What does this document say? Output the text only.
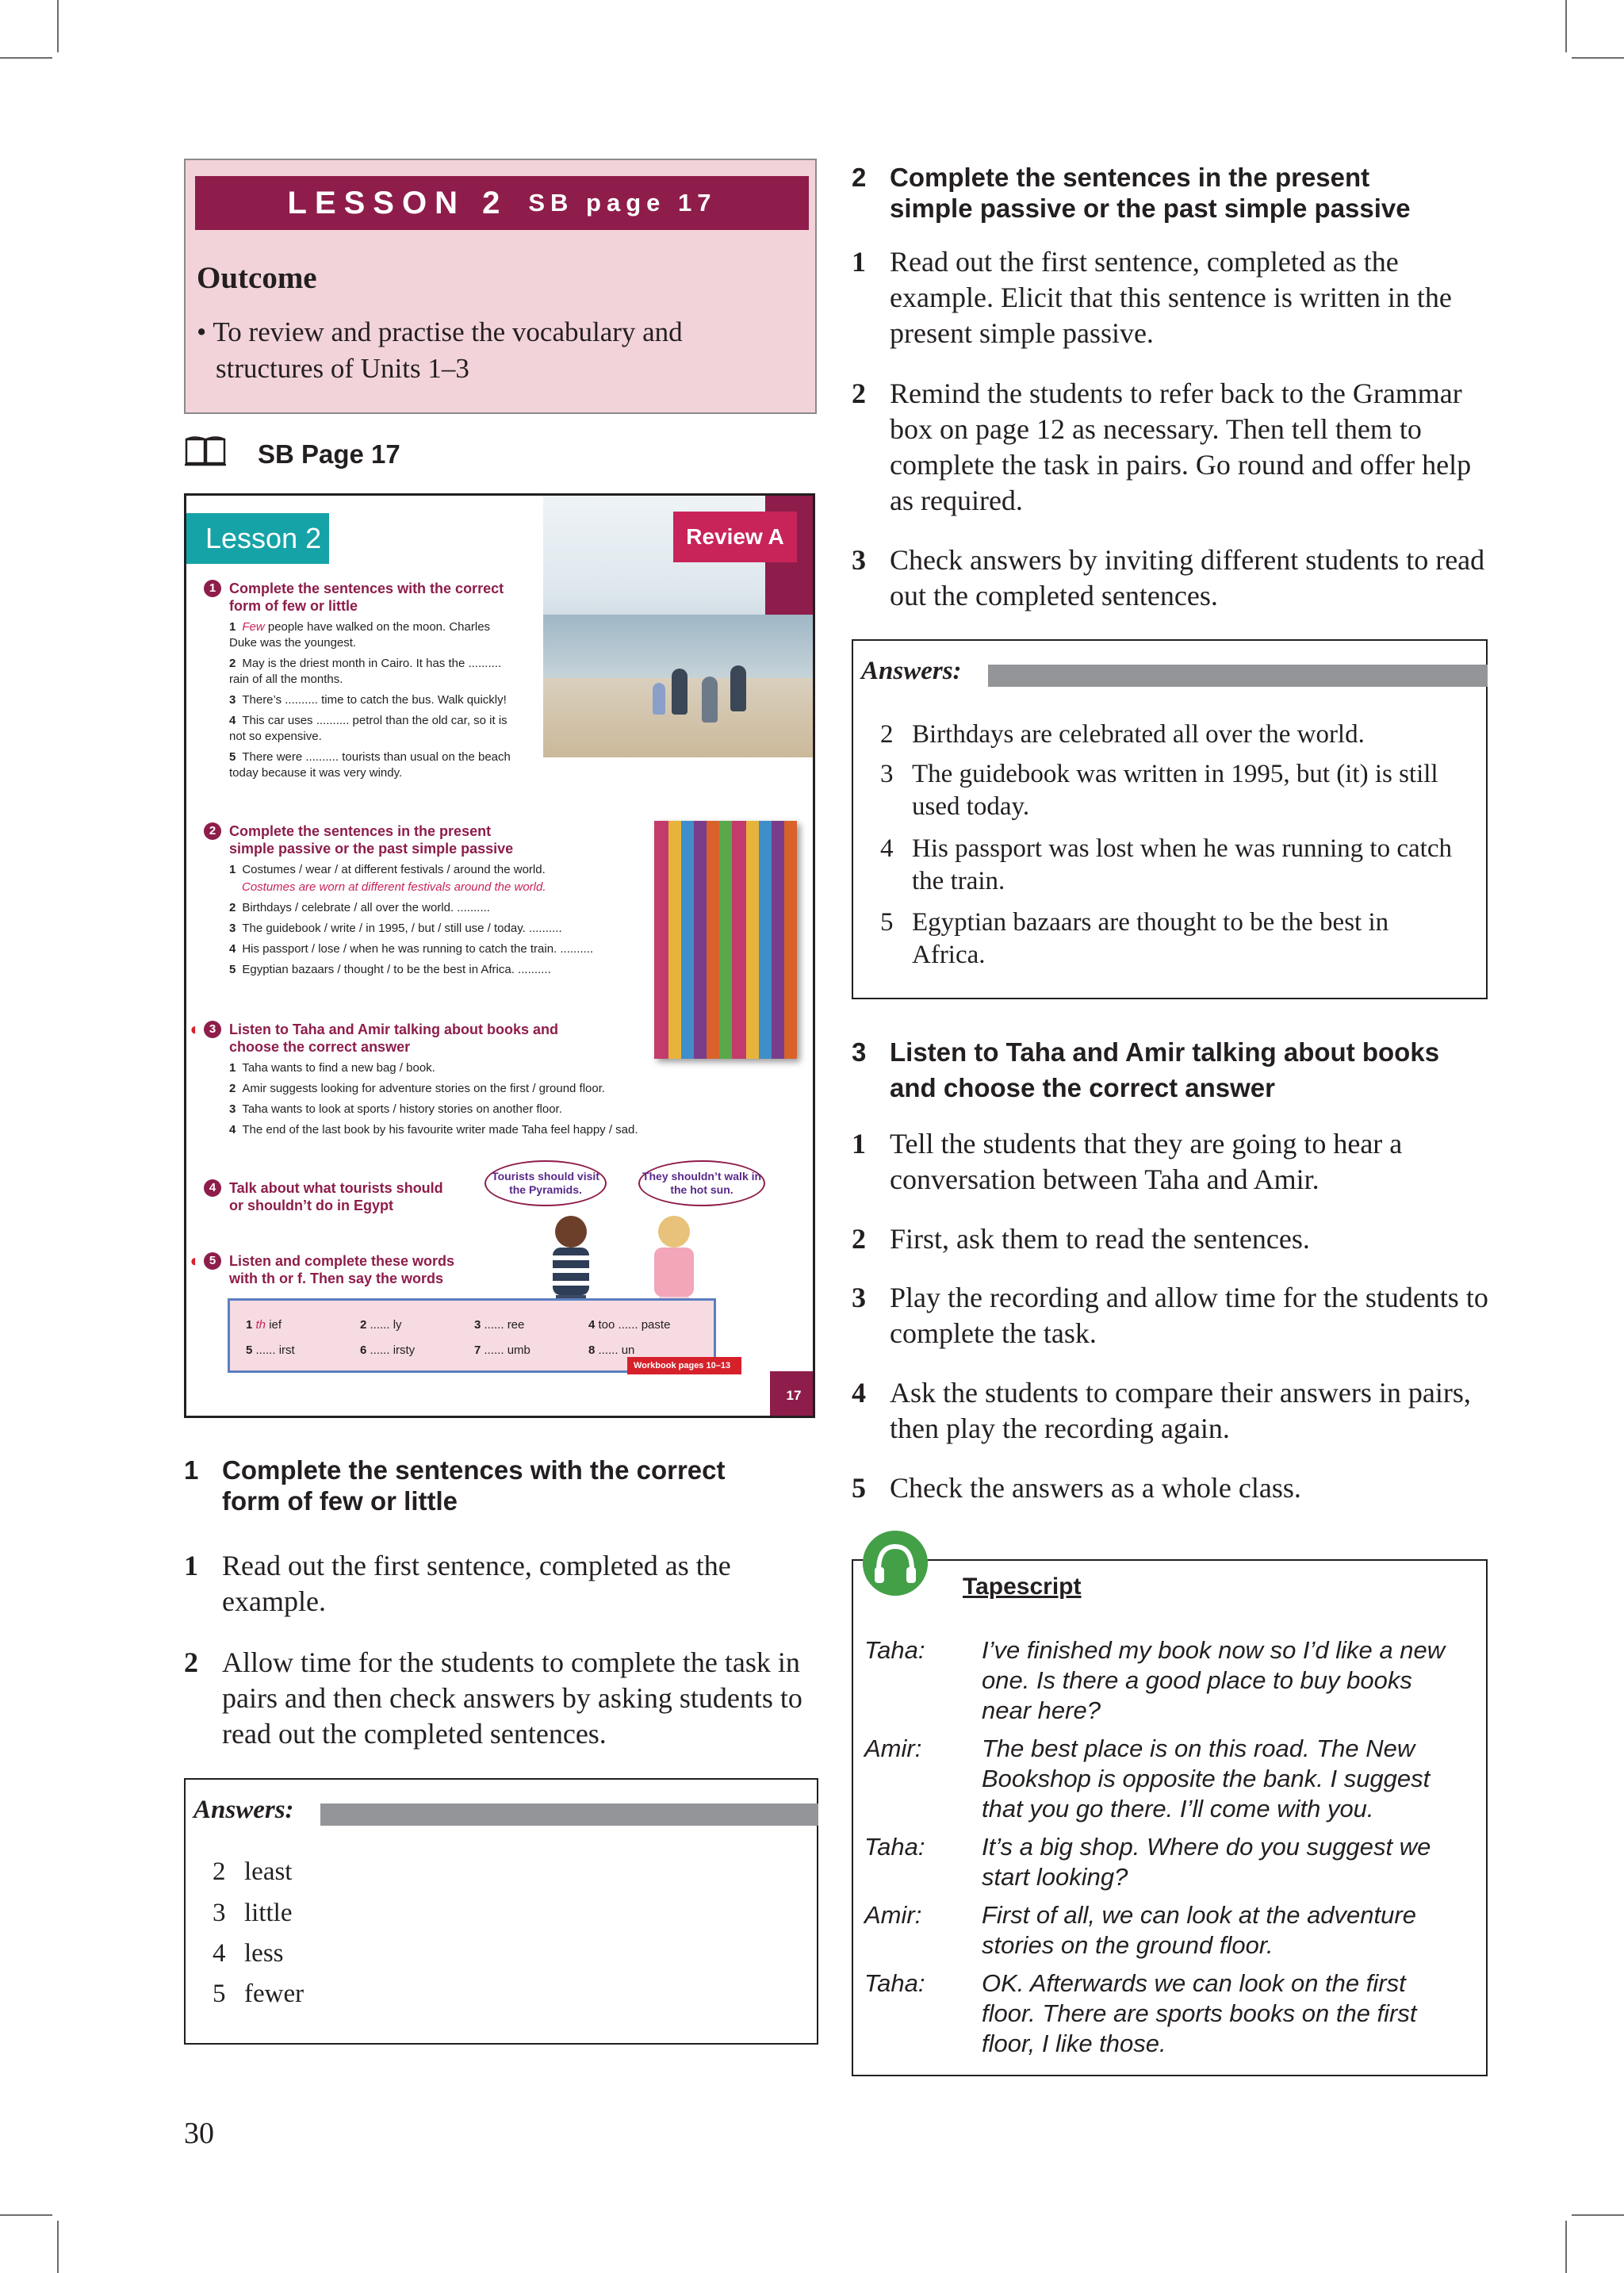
LESSON 2 SB page 17
Outcome
• To review and practise the vocabulary and structures of Units 1–3
SB Page 17
Lesson 2	Review A
1 Complete the sentences with the correct
form of few or little
1 Few people have walked on the moon. Charles
Duke was the youngest.
2 May is the driest month in Cairo. It has the ..........
rain of all the months.
3 There’s .......... time to catch the bus. Walk quickly!
4 This car uses .......... petrol than the old car, so it is
not so expensive.
5 There were .......... tourists than usual on the beach
today because it was very windy.
2 Complete the sentences in the present
simple passive or the past simple passive
1 Costumes / wear / at different festivals / around the world.
Costumes are worn at different festivals around the world.
2 Birthdays / celebrate / all over the world. ..........
3 The guidebook / write / in 1995, / but / still use / today. ..........
4 His passport / lose / when he was running to catch the train. ..........
5 Egyptian bazaars / thought / to be the best in Africa. ..........
◖ 3 Listen to Taha and Amir talking about books and
choose the correct answer
1 Taha wants to find a new bag / book.
2 Amir suggests looking for adventure stories on the first / ground floor.
3 Taha wants to look at sports / history stories on another floor.
4 The end of the last book by his favourite writer made Taha feel happy / sad.
4 Talk about what tourists should
or shouldn’t do in Egypt
Tourists should visit the Pyramids.
They shouldn’t walk in the hot sun.
◖ 5 Listen and complete these words
with th or f. Then say the words
1 th ief	2 ...... ly	3 ...... ree	4 too ...... paste
5 ...... irst	6 ...... irsty	7 ...... umb	8 ...... un
Workbook pages 10–13
17
1 Complete the sentences with the correct
form of few or little
1 Read out the first sentence, completed as the example.
2 Allow time for the students to complete the task in pairs and then check answers by asking students to read out the completed sentences.
Answers:
2 least
3 little
4 less
5 fewer
30
2 Complete the sentences in the present
simple passive or the past simple passive
1 Read out the first sentence, completed as the example. Elicit that this sentence is written in the present simple passive.
2 Remind the students to refer back to the Grammar box on page 12 as necessary. Then tell them to complete the task in pairs. Go round and offer help as required.
3 Check answers by inviting different students to read out the completed sentences.
Answers:
2 Birthdays are celebrated all over the world.
3 The guidebook was written in 1995, but (it) is still used today.
4 His passport was lost when he was running to catch the train.
5 Egyptian bazaars are thought to be the best in Africa.
3 Listen to Taha and Amir talking about books
and choose the correct answer
1 Tell the students that they are going to hear a conversation between Taha and Amir.
2 First, ask them to read the sentences.
3 Play the recording and allow time for the students to complete the task.
4 Ask the students to compare their answers in pairs, then play the recording again.
5 Check the answers as a whole class.
Tapescript
Taha: I’ve finished my book now so I’d like a new one. Is there a good place to buy books near here?
Amir: The best place is on this road. The New Bookshop is opposite the bank. I suggest that you go there. I’ll come with you.
Taha: It’s a big shop. Where do you suggest we start looking?
Amir: First of all, we can look at the adventure stories on the ground floor.
Taha: OK. Afterwards we can look on the first floor. There are sports books on the first floor, I like those.
